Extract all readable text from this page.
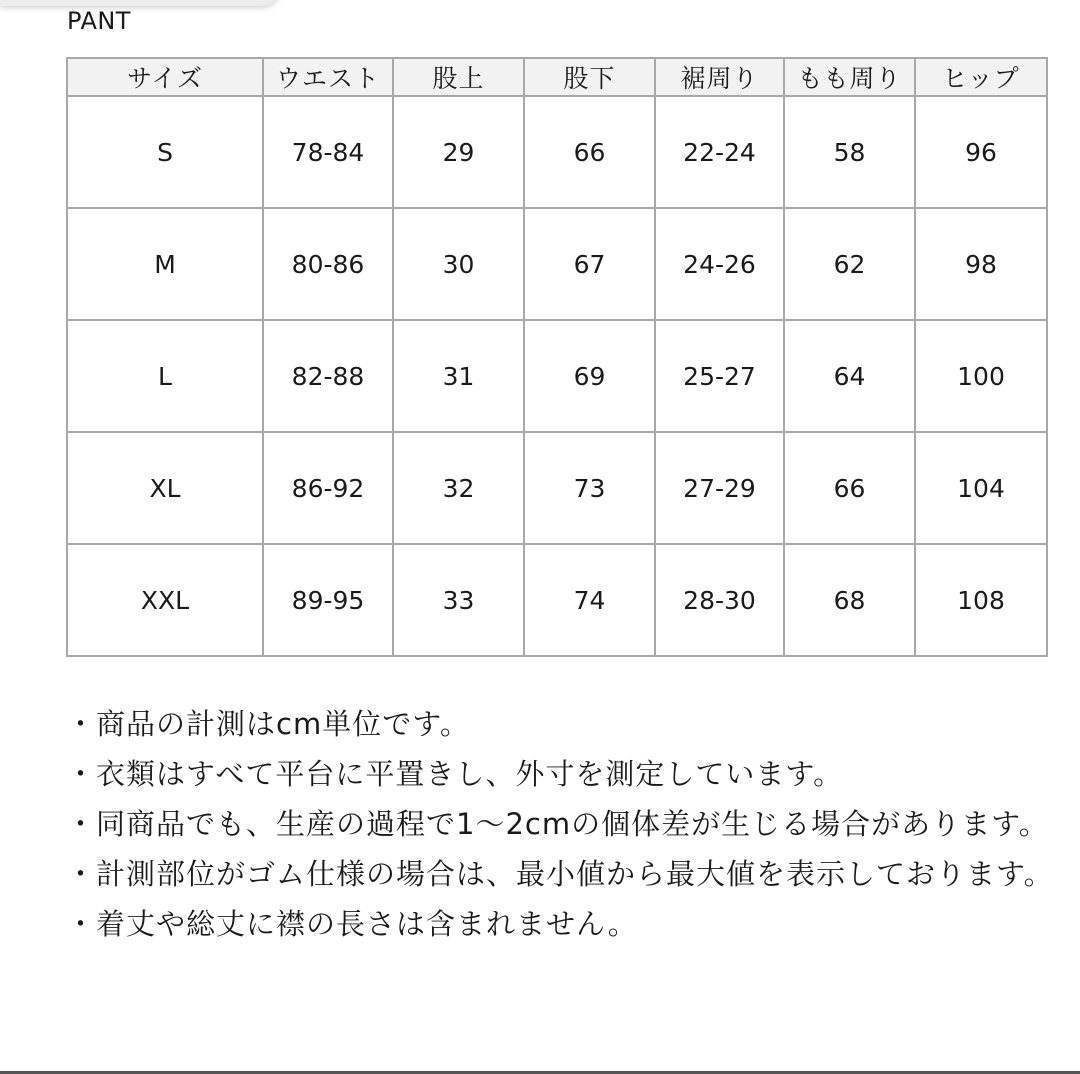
PANT
サイズ	ウエスト	股上	股下	裾周り	もも周り	ヒップ
S	78-84	29	66	22-24	58	96
M	80-86	30	67	24-26	62	98
L	82-88	31	69	25-27	64	100
XL	86-92	32	73	27-29	66	104
XXL	89-95	33	74	28-30	68	108

・商品の計測はcm単位です。

・衣類はすべて平台に平置きし、外寸を測定しています。

・同商品でも、生産の過程で1〜2cmの個体差が生じる場合があります。

・計測部位がゴム仕様の場合は、最小値から最大値を表示しております。

・着丈や総丈に襟の長さは含まれません。
